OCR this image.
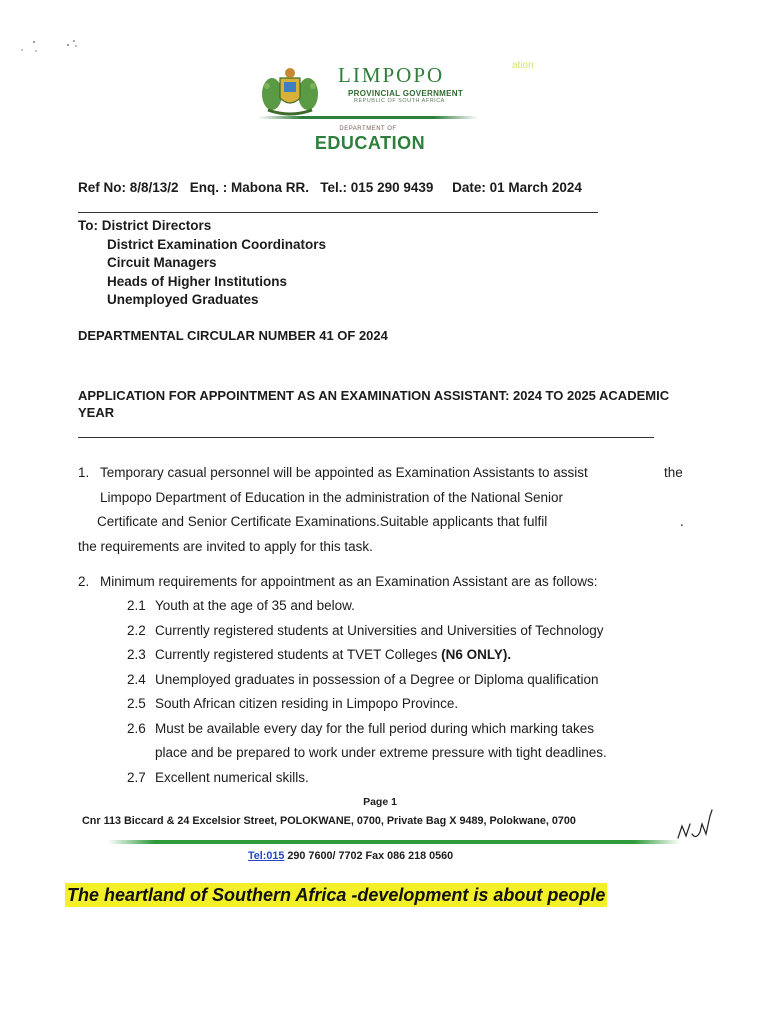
ation
LIMPOPO
PROVINCIAL GOVERNMENT
REPUBLIC OF SOUTH AFRICA
DEPARTMENT OF
EDUCATION
Ref No: 8/8/13/2   Enq. : Mabona RR.   Tel.: 015 290 9439     Date: 01 March 2024
To: District Directors
District Examination Coordinators
Circuit Managers
Heads of Higher Institutions
Unemployed Graduates
DEPARTMENTAL CIRCULAR NUMBER 41 OF 2024
APPLICATION FOR APPOINTMENT AS AN EXAMINATION ASSISTANT: 2024 TO 2025 ACADEMIC YEAR
1. Temporary casual personnel will be appointed as Examination Assistants to assist	the
Limpopo Department of Education in the administration of the National Senior
Certificate and Senior Certificate Examinations.Suitable applicants that fulfil	.
the requirements are invited to apply for this task.
2. Minimum requirements for appointment as an Examination Assistant are as follows:
2.1 Youth at the age of 35 and below.
2.2 Currently registered students at Universities and Universities of Technology
2.3 Currently registered students at TVET Colleges (N6 ONLY).
2.4 Unemployed graduates in possession of a Degree or Diploma qualification
2.5 South African citizen residing in Limpopo Province.
2.6 Must be available every day for the full period during which marking takes
place and be prepared to work under extreme pressure with tight deadlines.
2.7 Excellent numerical skills.
Page 1
Cnr 113 Biccard & 24 Excelsior Street, POLOKWANE, 0700, Private Bag X 9489, Polokwane, 0700
Tel:015 290 7600/ 7702 Fax 086 218 0560
The heartland of Southern Africa -development is about people
